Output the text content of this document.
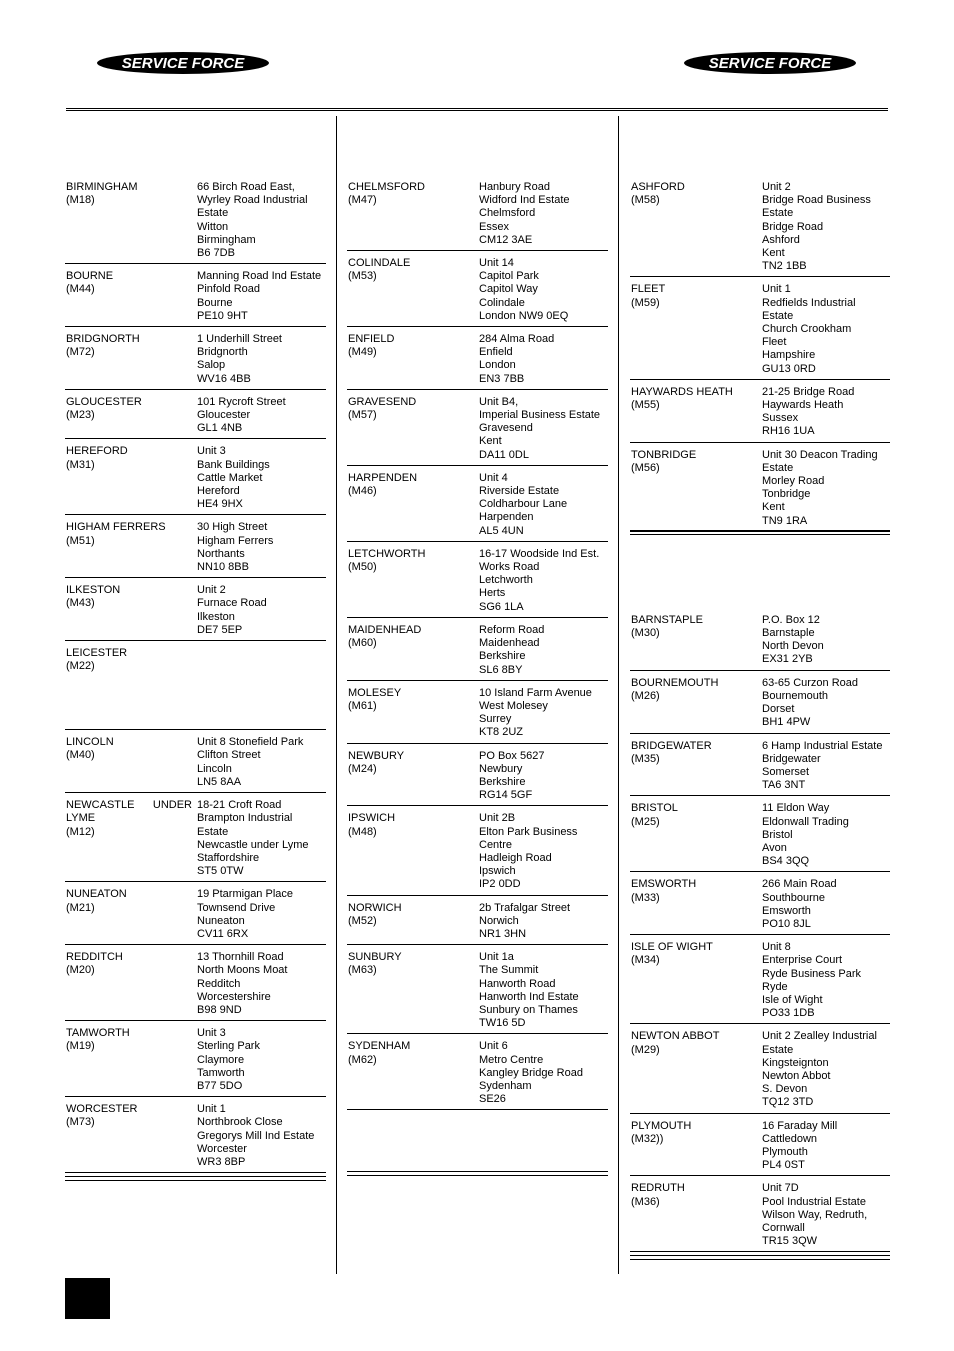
SERVICE FORCE	SERVICE FORCE
BIRMINGHAM
(M18)
66 Birch Road East,
Wyrley Road Industrial
Estate
Witton
Birmingham
B6 7DB
BOURNE
(M44)
Manning Road Ind Estate
Pinfold Road
Bourne
PE10 9HT
BRIDGNORTH
(M72)
1 Underhill Street
Bridgnorth
Salop
WV16 4BB
GLOUCESTER
(M23)
101 Rycroft Street
Gloucester
GL1 4NB
HEREFORD
(M31)
Unit 3
Bank Buildings
Cattle Market
Hereford
HE4 9HX
HIGHAM FERRERS
(M51)
30 High Street
Higham Ferrers
Northants
NN10 8BB
ILKESTON
(M43)
Unit 2
Furnace Road
Ilkeston
DE7 5EP
LEICESTER
(M22)
LINCOLN
(M40)
Unit 8 Stonefield Park
Clifton Street
Lincoln
LN5 8AA
NEWCASTLE UNDER
LYME
(M12)
18-21 Croft Road
Brampton Industrial
Estate
Newcastle under Lyme
Staffordshire
ST5 0TW
NUNEATON
(M21)
19 Ptarmigan Place
Townsend Drive
Nuneaton
CV11 6RX
REDDITCH
(M20)
13 Thornhill Road
North Moons Moat
Redditch
Worcestershire
B98 9ND
TAMWORTH
(M19)
Unit 3
Sterling Park
Claymore
Tamworth
B77 5DO
WORCESTER
(M73)
Unit 1
Northbrook Close
Gregorys Mill Ind Estate
Worcester
WR3 8BP
CHELMSFORD
(M47)
Hanbury Road
Widford Ind Estate
Chelmsford
Essex
CM12 3AE
COLINDALE
(M53)
Unit 14
Capitol Park
Capitol Way
Colindale
London NW9 0EQ
ENFIELD
(M49)
284 Alma Road
Enfield
London
EN3 7BB
GRAVESEND
(M57)
Unit B4,
Imperial Business Estate
Gravesend
Kent
DA11 0DL
HARPENDEN
(M46)
Unit 4
Riverside Estate
Coldharbour Lane
Harpenden
AL5 4UN
LETCHWORTH
(M50)
16-17 Woodside Ind Est.
Works Road
Letchworth
Herts
SG6 1LA
MAIDENHEAD
(M60)
Reform Road
Maidenhead
Berkshire
SL6 8BY
MOLESEY
(M61)
10 Island Farm Avenue
West Molesey
Surrey
KT8 2UZ
NEWBURY
(M24)
PO Box 5627
Newbury
Berkshire
RG14 5GF
IPSWICH
(M48)
Unit 2B
Elton Park Business
Centre
Hadleigh Road
Ipswich
IP2 0DD
NORWICH
(M52)
2b Trafalgar Street
Norwich
NR1 3HN
SUNBURY
(M63)
Unit 1a
The Summit
Hanworth Road
Hanworth Ind Estate
Sunbury on Thames
TW16 5D
SYDENHAM
(M62)
Unit 6
Metro Centre
Kangley Bridge Road
Sydenham
SE26
ASHFORD
(M58)
Unit 2
Bridge Road Business
Estate
Bridge Road
Ashford
Kent
TN2 1BB
FLEET
(M59)
Unit 1
Redfields Industrial
Estate
Church Crookham
Fleet
Hampshire
GU13 0RD
HAYWARDS HEATH
(M55)
21-25 Bridge Road
Haywards Heath
Sussex
RH16 1UA
TONBRIDGE
(M56)
Unit 30 Deacon Trading
Estate
Morley Road
Tonbridge
Kent
TN9 1RA
BARNSTAPLE
(M30)
P.O. Box 12
Barnstaple
North Devon
EX31 2YB
BOURNEMOUTH
(M26)
63-65 Curzon Road
Bournemouth
Dorset
BH1 4PW
BRIDGEWATER
(M35)
6 Hamp Industrial Estate
Bridgewater
Somerset
TA6 3NT
BRISTOL
(M25)
11 Eldon Way
Eldonwall Trading
Bristol
Avon
BS4 3QQ
EMSWORTH
(M33)
266 Main Road
Southbourne
Emsworth
PO10 8JL
ISLE OF WIGHT
(M34)
Unit 8
Enterprise Court
Ryde Business Park
Ryde
Isle of Wight
PO33 1DB
NEWTON ABBOT
(M29)
Unit 2 Zealley Industrial
Estate
Kingsteignton
Newton Abbot
S. Devon
TQ12 3TD
PLYMOUTH
(M32))
16 Faraday Mill
Cattledown
Plymouth
PL4 0ST
REDRUTH
(M36)
Unit 7D
Pool Industrial Estate
Wilson Way, Redruth,
Cornwall
TR15 3QW
